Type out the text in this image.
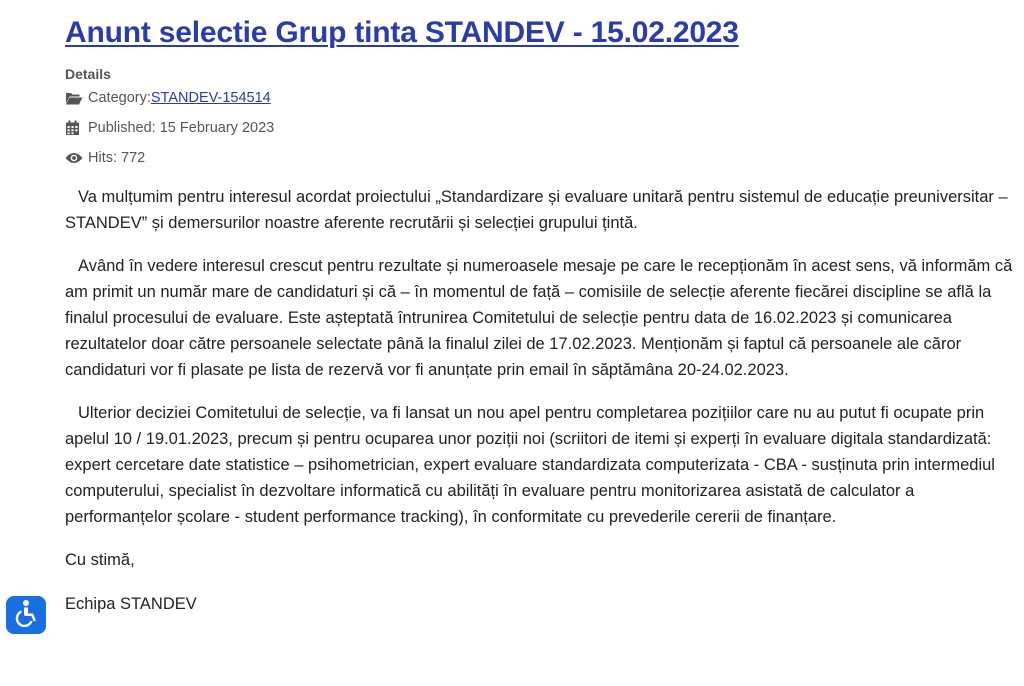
Anunt selectie Grup tinta STANDEV - 15.02.2023
Details
Category: STANDEV-154514
Published: 15 February 2023
Hits: 772

Va mulțumim pentru interesul acordat proiectului „Standardizare și evaluare unitară pentru sistemul de educație preuniversitar – STANDEV” și demersurilor noastre aferente recrutării și selecției grupului țintă.

Având în vedere interesul crescut pentru rezultate și numeroasele mesaje pe care le recepționăm în acest sens, vă informăm că am primit un număr mare de candidaturi și că – în momentul de față – comisiile de selecție aferente fiecărei discipline se află la finalul procesului de evaluare. Este așteptată întrunirea Comitetului de selecție pentru data de 16.02.2023 și comunicarea rezultatelor doar către persoanele selectate până la finalul zilei de 17.02.2023. Menționăm și faptul că persoanele ale căror candidaturi vor fi plasate pe lista de rezervă vor fi anunțate prin email în săptămâna 20-24.02.2023.

Ulterior deciziei Comitetului de selecție, va fi lansat un nou apel pentru completarea pozițiilor care nu au putut fi ocupate prin apelul 10 / 19.01.2023, precum și pentru ocuparea unor poziții noi (scriitori de itemi și experți în evaluare digitala standardizată: expert cercetare date statistice – psihometrician, expert evaluare standardizata computerizata - CBA - susținuta prin intermediul computerului, specialist în dezvoltare informatică cu abilități în evaluare pentru monitorizarea asistată de calculator a performanțelor școlare - student performance tracking), în conformitate cu prevederile cererii de finanțare.

Cu stimă,

Echipa STANDEV
